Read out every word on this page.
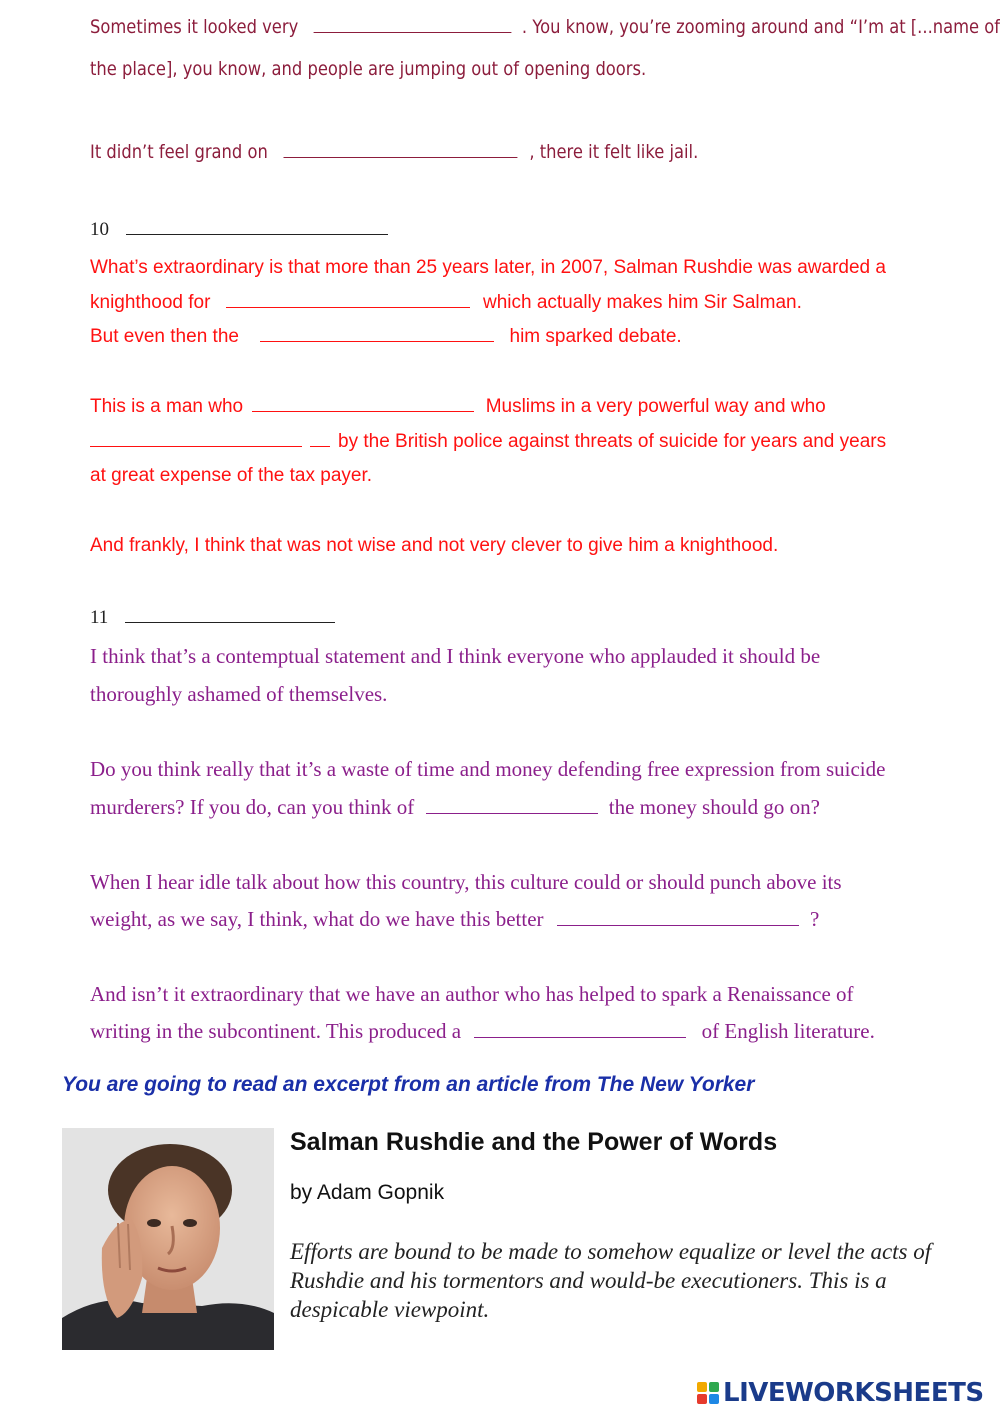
Sometimes it looked very	. You know, you’re zooming around and “I’m at [...name of
the place], you know, and people are jumping out of opening doors.
It didn’t feel grand on	, there it felt like jail.
10
What’s extraordinary is that more than 25 years later, in 2007, Salman Rushdie was awarded a
knighthood for	which actually makes him Sir Salman.
But even then the	him sparked debate.
This is a man who	Muslims in a very powerful way and who
by the British police against threats of suicide for years and years
at great expense of the tax payer.
And frankly, I think that was not wise and not very clever to give him a knighthood.
11
I think that’s a contemptual statement and I think everyone who applauded it should be
thoroughly ashamed of themselves.
Do you think really that it’s a waste of time and money defending free expression from suicide
murderers? If you do, can you think of	the money should go on?
When I hear idle talk about how this country, this culture could or should punch above its
weight, as we say, I think, what do we have this better	?
And isn’t it extraordinary that we have an author who has helped to spark a Renaissance of
writing in the subcontinent. This produced a	of English literature.
You are going to read an excerpt from an article from The New Yorker
Salman Rushdie and the Power of Words
by Adam Gopnik
Efforts are bound to be made to somehow equalize or level the acts of Rushdie and his tormentors and would-be executioners. This is a despicable viewpoint.
LIVEWORKSHEETS
